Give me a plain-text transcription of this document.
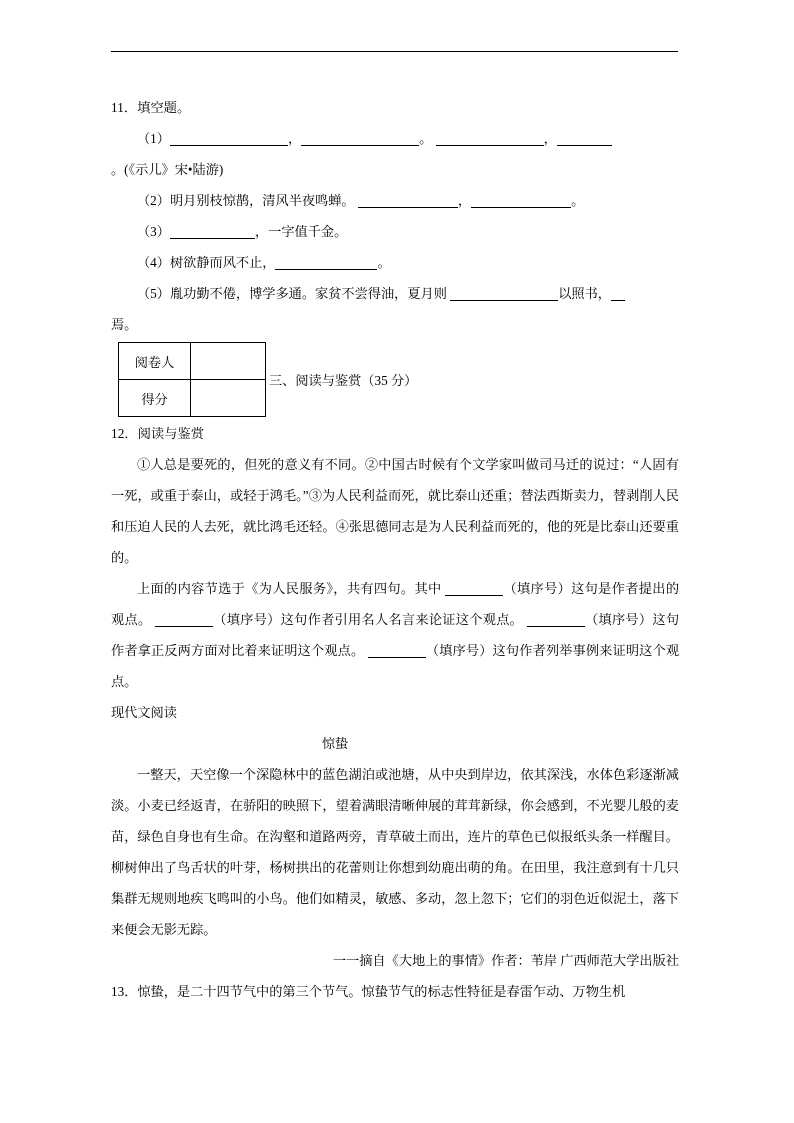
11．填空题。
（1）	，	。	，
。(《示儿》宋•陆游)
（2）明月别枝惊鹊，清风半夜鸣蝉。	，	。
（3）	，一字值千金。
（4）树欲静而风不止，	。
（5）胤功勤不倦，博学多通。家贫不尝得油，夏月则	以照书，
焉。
阅卷人	
得分	
三、阅读与鉴赏（35 分）
12．阅读与鉴赏
①人总是要死的，但死的意义有不同。②中国古时候有个文学家叫做司马迁的说过：“人固有一死，或重于泰山，或轻于鸿毛。”③为人民利益而死，就比泰山还重；替法西斯卖力，替剥削人民和压迫人民的人去死，就比鸿毛还轻。④张思德同志是为人民利益而死的，他的死是比泰山还要重的。
上面的内容节选于《为人民服务》，共有四句。其中	（填序号）这句是作者提出的观点。	（填序号）这句作者引用名人名言来论证这个观点。	（填序号）这句作者拿正反两方面对比着来证明这个观点。	（填序号）这句作者列举事例来证明这个观点。
现代文阅读
惊蛰
一整天，天空像一个深隐林中的蓝色湖泊或池塘，从中央到岸边，依其深浅，水体色彩逐渐减淡。小麦已经返青，在骄阳的映照下，望着满眼清晰伸展的茸茸新绿，你会感到，不光婴儿般的麦苗，绿色自身也有生命。在沟壑和道路两旁，青草破土而出，连片的草色已似报纸头条一样醒目。柳树伸出了鸟舌状的叶芽，杨树拱出的花蕾则让你想到幼鹿出萌的角。在田里，我注意到有十几只集群无规则地疾飞鸣叫的小鸟。他们如精灵，敏感、多动，忽上忽下；它们的羽色近似泥土，落下来便会无影无踪。
一一摘自《大地上的事情》作者：苇岸 广西师范大学出版社
13．惊蛰，是二十四节气中的第三个节气。惊蛰节气的标志性特征是春雷乍动、万物生机
